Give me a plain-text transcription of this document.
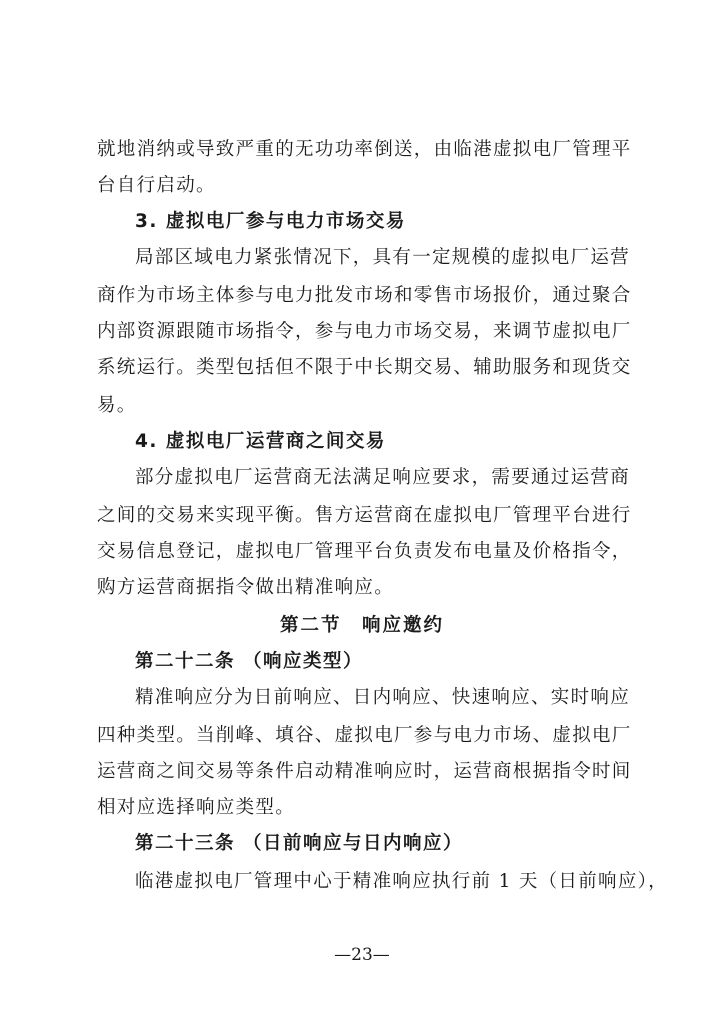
就地消纳或导致严重的无功功率倒送，由临港虚拟电厂管理平
台自行启动。
3. 虚拟电厂参与电力市场交易
局部区域电力紧张情况下，具有一定规模的虚拟电厂运营
商作为市场主体参与电力批发市场和零售市场报价，通过聚合
内部资源跟随市场指令，参与电力市场交易，来调节虚拟电厂
系统运行。类型包括但不限于中长期交易、辅助服务和现货交
易。
4. 虚拟电厂运营商之间交易
部分虚拟电厂运营商无法满足响应要求，需要通过运营商
之间的交易来实现平衡。售方运营商在虚拟电厂管理平台进行
交易信息登记，虚拟电厂管理平台负责发布电量及价格指令，
购方运营商据指令做出精准响应。
第二节　响应邀约
第二十二条 （响应类型）
精准响应分为日前响应、日内响应、快速响应、实时响应
四种类型。当削峰、填谷、虚拟电厂参与电力市场、虚拟电厂
运营商之间交易等条件启动精准响应时，运营商根据指令时间
相对应选择响应类型。
第二十三条 （日前响应与日内响应）
临港虚拟电厂管理中心于精准响应执行前 1 天（日前响应），
—23—
